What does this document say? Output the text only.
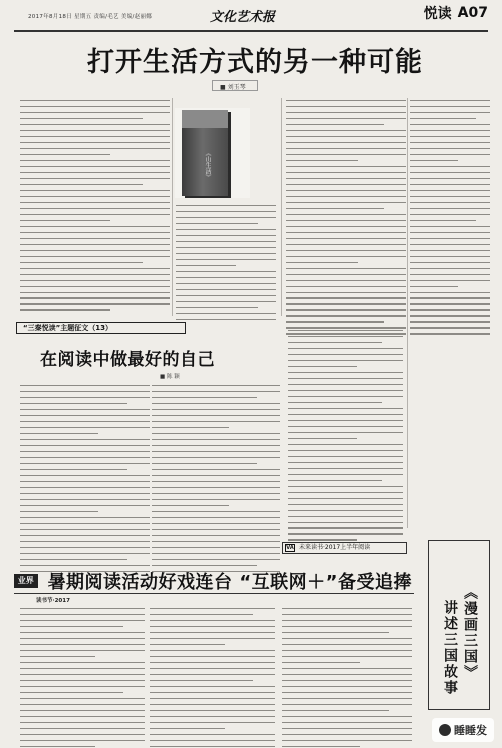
2017年8月18日 星期五 责编/毛艺 美编/赵丽娜	文化艺术报	悦读 A07
打开生活方式的另一种可能
■ 刘玉琴
《山生活》
“三秦悦读”主题征文（13）
在阅读中做最好的自己
■ 陈 颖
VA 未来读书·2017上半年阅读
《漫画三国》
讲述三国故事
业界 暑期阅读活动好戏连台 “互联网＋”备受追捧
读书节·2017
睡睡发
